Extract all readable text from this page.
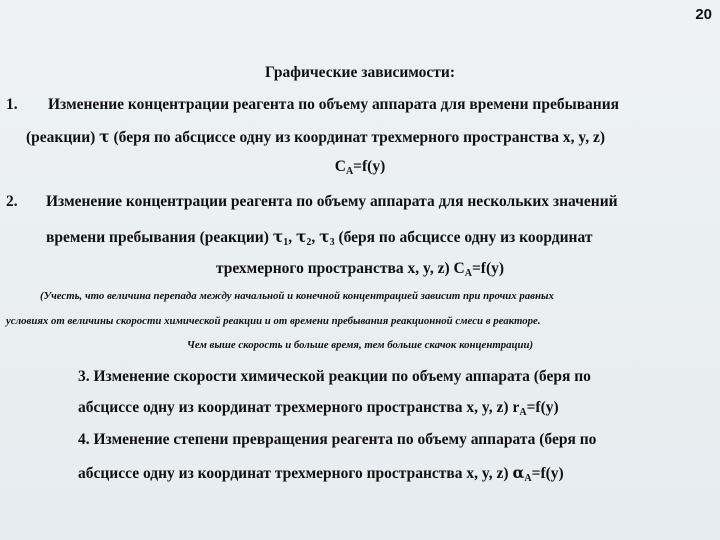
20
Графические зависимости:
1. Изменение концентрации реагента по объему аппарата для времени пребывания
(реакции) τ (беря по абсциссе одну из координат трехмерного пространства x, y, z)
$C_A=f(y)$
2. Изменение концентрации реагента по объему аппарата для нескольких значений
времени пребывания (реакции) $\tau_1$, $\tau_2$, $\tau_3$ (беря по абсциссе одну из координат
трехмерного пространства x, y, z) $C_A=f(y)$
(Учесть, что величина перепада между начальной и конечной концентрацией зависит при прочих равных
условиях от величины скорости химической реакции и от времени пребывания реакционной смеси в реакторе.
Чем выше скорость и больше время, тем больше скачок концентрации)
3. Изменение скорости химической реакции по объему аппарата (беря по
абсциссе одну из координат трехмерного пространства x, y, z) $r_A=f(y)$
4. Изменение степени превращения реагента по объему аппарата (беря по
абсциссе одну из координат трехмерного пространства x, y, z) $\alpha_A=f(y)$
